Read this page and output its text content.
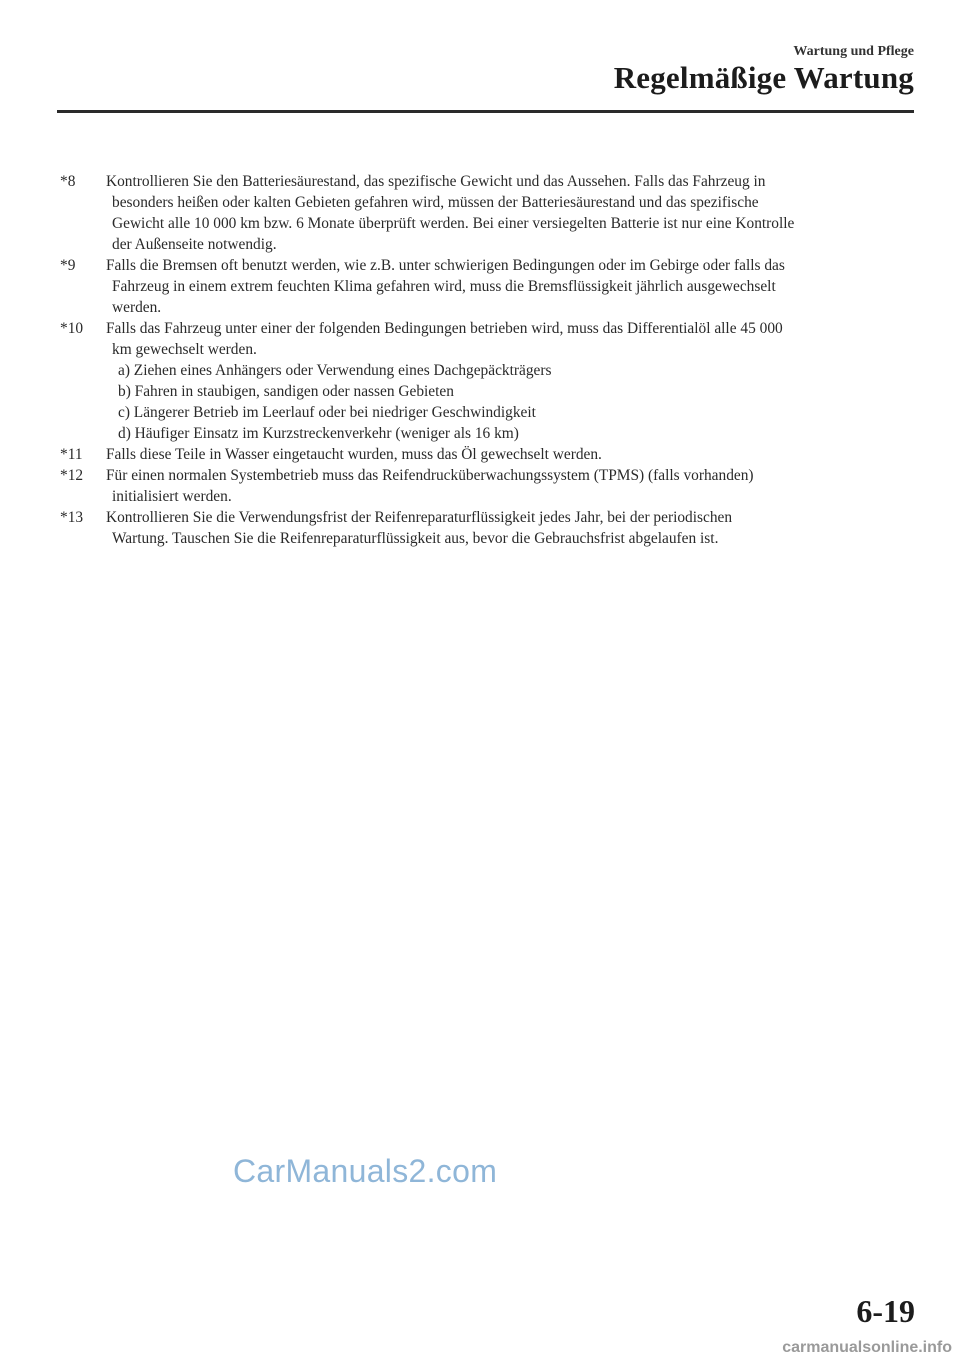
Wartung und Pflege
Regelmäßige Wartung
*8 Kontrollieren Sie den Batteriesäurestand, das spezifische Gewicht und das Aussehen. Falls das Fahrzeug in
besonders heißen oder kalten Gebieten gefahren wird, müssen der Batteriesäurestand und das spezifische
Gewicht alle 10 000 km bzw. 6 Monate überprüft werden. Bei einer versiegelten Batterie ist nur eine Kontrolle
der Außenseite notwendig.
*9 Falls die Bremsen oft benutzt werden, wie z.B. unter schwierigen Bedingungen oder im Gebirge oder falls das
Fahrzeug in einem extrem feuchten Klima gefahren wird, muss die Bremsflüssigkeit jährlich ausgewechselt
werden.
*10 Falls das Fahrzeug unter einer der folgenden Bedingungen betrieben wird, muss das Differentialöl alle 45 000
km gewechselt werden.
a) Ziehen eines Anhängers oder Verwendung eines Dachgepäckträgers
b) Fahren in staubigen, sandigen oder nassen Gebieten
c) Längerer Betrieb im Leerlauf oder bei niedriger Geschwindigkeit
d) Häufiger Einsatz im Kurzstreckenverkehr (weniger als 16 km)
*11 Falls diese Teile in Wasser eingetaucht wurden, muss das Öl gewechselt werden.
*12 Für einen normalen Systembetrieb muss das Reifendrucküberwachungssystem (TPMS) (falls vorhanden)
initialisiert werden.
*13 Kontrollieren Sie die Verwendungsfrist der Reifenreparaturflüssigkeit jedes Jahr, bei der periodischen
Wartung. Tauschen Sie die Reifenreparaturflüssigkeit aus, bevor die Gebrauchsfrist abgelaufen ist.
CarManuals2.com
6-19
carmanualsonline.info
